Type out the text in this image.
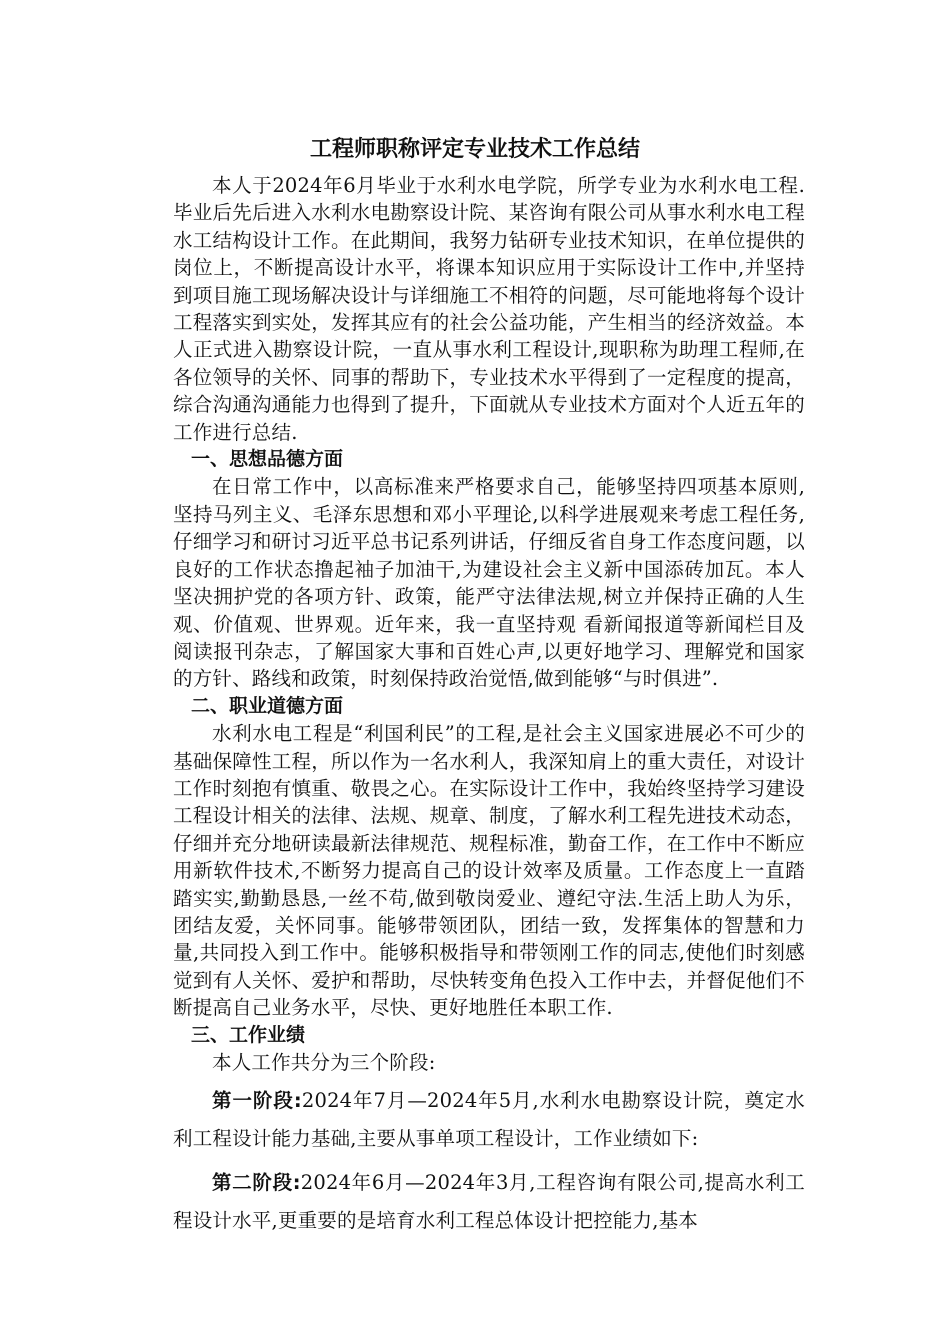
工程师职称评定专业技术工作总结

本人于2024年6月毕业于水利水电学院，所学专业为水利水电工程.毕业后先后进入水利水电勘察设计院、某咨询有限公司从事水利水电工程水工结构设计工作。在此期间，我努力钻研专业技术知识，在单位提供的岗位上，不断提高设计水平，将课本知识应用于实际设计工作中,并坚持到项目施工现场解决设计与详细施工不相符的问题，尽可能地将每个设计工程落实到实处，发挥其应有的社会公益功能，产生相当的经济效益。本人正式进入勘察设计院，一直从事水利工程设计,现职称为助理工程师,在各位领导的关怀、同事的帮助下，专业技术水平得到了一定程度的提高，综合沟通沟通能力也得到了提升，下面就从专业技术方面对个人近五年的工作进行总结.

一、思想品德方面

在日常工作中，以高标准来严格要求自己，能够坚持四项基本原则,坚持马列主义、毛泽东思想和邓小平理论,以科学进展观来考虑工程任务,仔细学习和研讨习近平总书记系列讲话，仔细反省自身工作态度问题，以良好的工作状态撸起袖子加油干,为建设社会主义新中国添砖加瓦。本人坚决拥护党的各项方针、政策，能严守法律法规,树立并保持正确的人生观、价值观、世界观。近年来，我一直坚持观 看新闻报道等新闻栏目及阅读报刊杂志，了解国家大事和百姓心声,以更好地学习、理解党和国家的方针、路线和政策，时刻保持政治觉悟,做到能够“与时俱进”.

二、职业道德方面

水利水电工程是“利国利民”的工程,是社会主义国家进展必不可少的基础保障性工程，所以作为一名水利人，我深知肩上的重大责任，对设计工作时刻抱有慎重、敬畏之心。在实际设计工作中，我始终坚持学习建设工程设计相关的法律、法规、规章、制度，了解水利工程先进技术动态，仔细并充分地研读最新法律规范、规程标准，勤奋工作，在工作中不断应用新软件技术,不断努力提高自己的设计效率及质量。工作态度上一直踏踏实实,勤勤恳恳,一丝不苟,做到敬岗爱业、遵纪守法.生活上助人为乐，团结友爱，关怀同事。能够带领团队，团结一致，发挥集体的智慧和力量,共同投入到工作中。能够积极指导和带领刚工作的同志,使他们时刻感觉到有人关怀、爱护和帮助，尽快转变角色投入工作中去，并督促他们不断提高自己业务水平，尽快、更好地胜任本职工作.

三、工作业绩

本人工作共分为三个阶段:

第一阶段:2024年7月—2024年5月,水利水电勘察设计院，奠定水利工程设计能力基础,主要从事单项工程设计，工作业绩如下:

第二阶段:2024年6月—2024年3月,工程咨询有限公司,提高水利工程设计水平,更重要的是培育水利工程总体设计把控能力,基本
